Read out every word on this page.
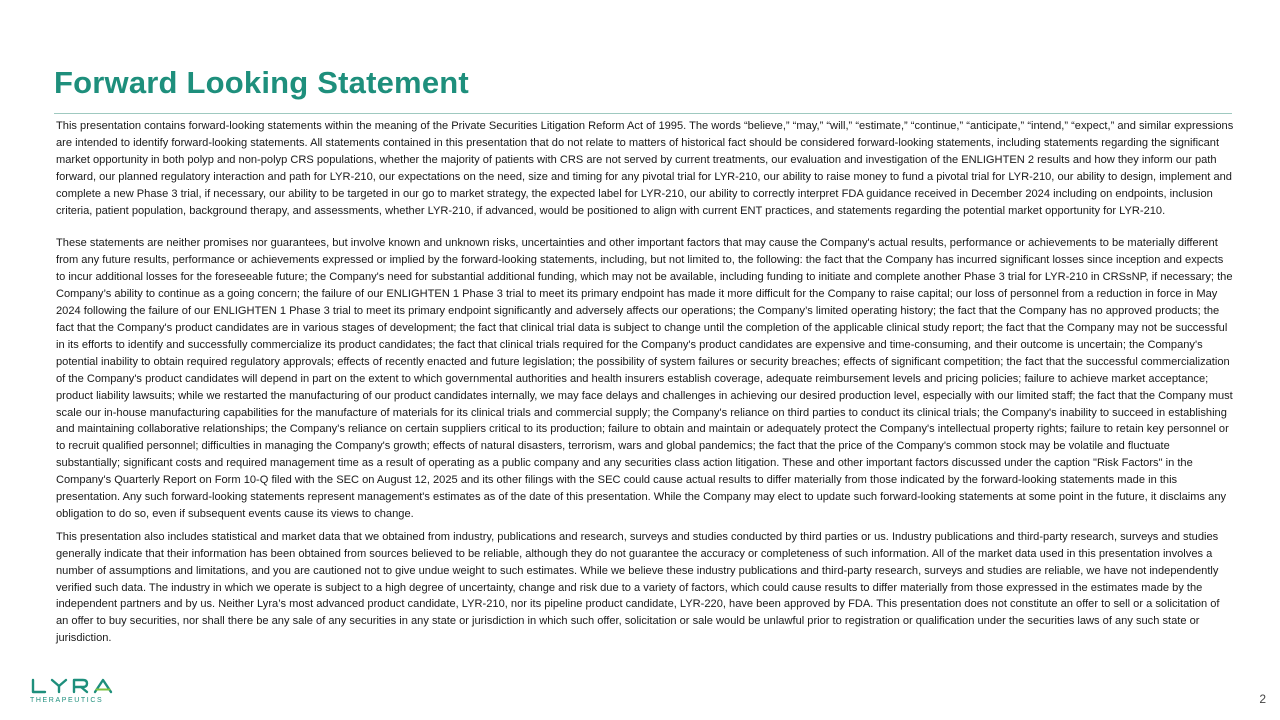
Forward Looking Statement

This presentation contains forward-looking statements within the meaning of the Private Securities Litigation Reform Act of 1995. The words “believe,” “may,” “will,” “estimate,” “continue,” “anticipate,” “intend,” “expect,” and similar expressions are intended to identify forward-looking statements. All statements contained in this presentation that do not relate to matters of historical fact should be considered forward-looking statements, including statements regarding the significant market opportunity in both polyp and non-polyp CRS populations, whether the majority of patients with CRS are not served by current treatments, our evaluation and investigation of the ENLIGHTEN 2 results and how they inform our path forward, our planned regulatory interaction and path for LYR-210, our expectations on the need, size and timing for any pivotal trial for LYR-210, our ability to raise money to fund a pivotal trial for LYR-210, our ability to design, implement and complete a new Phase 3 trial, if necessary, our ability to be targeted in our go to market strategy, the expected label for LYR-210, our ability to correctly interpret FDA guidance received in December 2024 including on endpoints, inclusion criteria, patient population, background therapy, and assessments, whether LYR-210, if advanced, would be positioned to align with current ENT practices, and statements regarding the potential market opportunity for LYR-210.

These statements are neither promises nor guarantees, but involve known and unknown risks, uncertainties and other important factors that may cause the Company's actual results, performance or achievements to be materially different from any future results, performance or achievements expressed or implied by the forward-looking statements, including, but not limited to, the following: the fact that the Company has incurred significant losses since inception and expects to incur additional losses for the foreseeable future; the Company's need for substantial additional funding, which may not be available, including funding to initiate and complete another Phase 3 trial for LYR-210 in CRSsNP, if necessary; the Company’s ability to continue as a going concern; the failure of our ENLIGHTEN 1 Phase 3 trial to meet its primary endpoint has made it more difficult for the Company to raise capital; our loss of personnel from a reduction in force in May 2024 following the failure of our ENLIGHTEN 1 Phase 3 trial to meet its primary endpoint significantly and adversely affects our operations; the Company’s limited operating history; the fact that the Company has no approved products; the fact that the Company's product candidates are in various stages of development; the fact that clinical trial data is subject to change until the completion of the applicable clinical study report; the fact that the Company may not be successful in its efforts to identify and successfully commercialize its product candidates; the fact that clinical trials required for the Company's product candidates are expensive and time-consuming, and their outcome is uncertain; the Company's potential inability to obtain required regulatory approvals; effects of recently enacted and future legislation; the possibility of system failures or security breaches; effects of significant competition; the fact that the successful commercialization of the Company's product candidates will depend in part on the extent to which governmental authorities and health insurers establish coverage, adequate reimbursement levels and pricing policies; failure to achieve market acceptance; product liability lawsuits; while we restarted the manufacturing of our product candidates internally, we may face delays and challenges in achieving our desired production level, especially with our limited staff; the fact that the Company must scale our in-house manufacturing capabilities for the manufacture of materials for its clinical trials and commercial supply; the Company's reliance on third parties to conduct its clinical trials; the Company's inability to succeed in establishing and maintaining collaborative relationships; the Company's reliance on certain suppliers critical to its production; failure to obtain and maintain or adequately protect the Company's intellectual property rights; failure to retain key personnel or to recruit qualified personnel; difficulties in managing the Company's growth; effects of natural disasters, terrorism, wars and global pandemics; the fact that the price of the Company's common stock may be volatile and fluctuate substantially; significant costs and required management time as a result of operating as a public company and any securities class action litigation. These and other important factors discussed under the caption "Risk Factors" in the Company's Quarterly Report on Form 10-Q filed with the SEC on August 12, 2025 and its other filings with the SEC could cause actual results to differ materially from those indicated by the forward-looking statements made in this presentation. Any such forward-looking statements represent management's estimates as of the date of this presentation. While the Company may elect to update such forward-looking statements at some point in the future, it disclaims any obligation to do so, even if subsequent events cause its views to change.

This presentation also includes statistical and market data that we obtained from industry, publications and research, surveys and studies conducted by third parties or us. Industry publications and third-party research, surveys and studies generally indicate that their information has been obtained from sources believed to be reliable, although they do not guarantee the accuracy or completeness of such information. All of the market data used in this presentation involves a number of assumptions and limitations, and you are cautioned not to give undue weight to such estimates. While we believe these industry publications and third-party research, surveys and studies are reliable, we have not independently verified such data. The industry in which we operate is subject to a high degree of uncertainty, change and risk due to a variety of factors, which could cause results to differ materially from those expressed in the estimates made by the independent partners and by us. Neither Lyra’s most advanced product candidate, LYR-210, nor its pipeline product candidate, LYR-220, have been approved by FDA. This presentation does not constitute an offer to sell or a solicitation of an offer to buy securities, nor shall there be any sale of any securities in any state or jurisdiction in which such offer, solicitation or sale would be unlawful prior to registration or qualification under the securities laws of any such state or jurisdiction.

THERAPEUTICS	2
